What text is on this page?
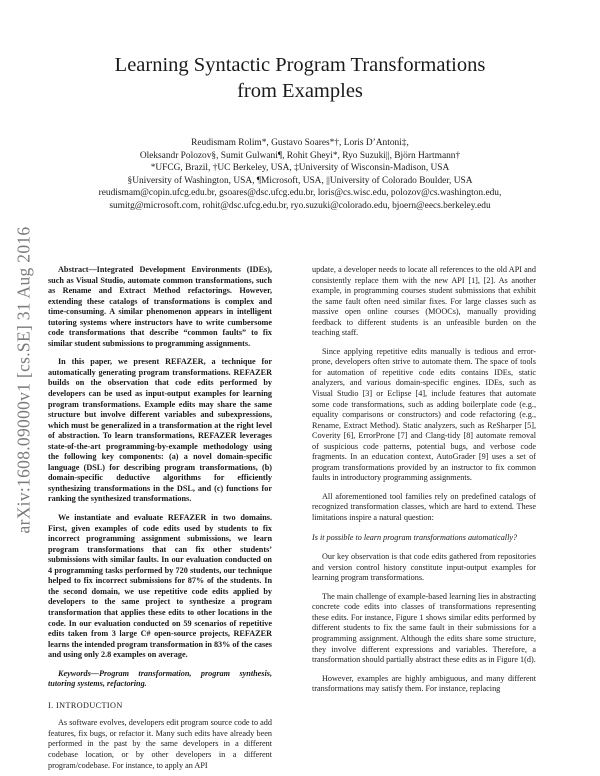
arXiv:1608.09000v1 [cs.SE] 31 Aug 2016
Learning Syntactic Program Transformations
from Examples
Reudismam Rolim*, Gustavo Soares*†, Loris D’Antoni‡,
Oleksandr Polozov§, Sumit Gulwani¶, Rohit Gheyi*, Ryo Suzuki||, Björn Hartmann†
*UFCG, Brazil, †UC Berkeley, USA, ‡University of Wisconsin-Madison, USA
§University of Washington, USA, ¶Microsoft, USA, ||University of Colorado Boulder, USA
reudismam@copin.ufcg.edu.br, gsoares@dsc.ufcg.edu.br, loris@cs.wisc.edu, polozov@cs.washington.edu,
sumitg@microsoft.com, rohit@dsc.ufcg.edu.br, ryo.suzuki@colorado.edu, bjoern@eecs.berkeley.edu

Abstract—Integrated Development Environments (IDEs), such as Visual Studio, automate common transformations, such as Rename and Extract Method refactorings. However, extending these catalogs of transformations is complex and time-consuming. A similar phenomenon appears in intelligent tutoring systems where instructors have to write cumbersome code transformations that describe “common faults” to fix similar student submissions to programming assignments.

In this paper, we present REFAZER, a technique for automatically generating program transformations. REFAZER builds on the observation that code edits performed by developers can be used as input-output examples for learning program transformations. Example edits may share the same structure but involve different variables and subexpressions, which must be generalized in a transformation at the right level of abstraction. To learn transformations, REFAZER leverages state-of-the-art programming-by-example methodology using the following key components: (a) a novel domain-specific language (DSL) for describing program transformations, (b) domain-specific deductive algorithms for efficiently synthesizing transformations in the DSL, and (c) functions for ranking the synthesized transformations.

We instantiate and evaluate REFAZER in two domains. First, given examples of code edits used by students to fix incorrect programming assignment submissions, we learn program transformations that can fix other students’ submissions with similar faults. In our evaluation conducted on 4 programming tasks performed by 720 students, our technique helped to fix incorrect submissions for 87% of the students. In the second domain, we use repetitive code edits applied by developers to the same project to synthesize a program transformation that applies these edits to other locations in the code. In our evaluation conducted on 59 scenarios of repetitive edits taken from 3 large C# open-source projects, REFAZER learns the intended program transformation in 83% of the cases and using only 2.8 examples on average.

Keywords—Program transformation, program synthesis, tutoring systems, refactoring.

I. INTRODUCTION

As software evolves, developers edit program source code to add features, fix bugs, or refactor it. Many such edits have already been performed in the past by the same developers in a different codebase location, or by other developers in a different program/codebase. For instance, to apply an API

update, a developer needs to locate all references to the old API and consistently replace them with the new API [1], [2]. As another example, in programming courses student submissions that exhibit the same fault often need similar fixes. For large classes such as massive open online courses (MOOCs), manually providing feedback to different students is an unfeasible burden on the teaching staff.

Since applying repetitive edits manually is tedious and error-prone, developers often strive to automate them. The space of tools for automation of repetitive code edits contains IDEs, static analyzers, and various domain-specific engines. IDEs, such as Visual Studio [3] or Eclipse [4], include features that automate some code transformations, such as adding boilerplate code (e.g., equality comparisons or constructors) and code refactoring (e.g., Rename, Extract Method). Static analyzers, such as ReSharper [5], Coverity [6], ErrorProne [7] and Clang-tidy [8] automate removal of suspicious code patterns, potential bugs, and verbose code fragments. In an education context, AutoGrader [9] uses a set of program transformations provided by an instructor to fix common faults in introductory programming assignments.

All aforementioned tool families rely on predefined catalogs of recognized transformation classes, which are hard to extend. These limitations inspire a natural question:

Is it possible to learn program transformations automatically?

Our key observation is that code edits gathered from repositories and version control history constitute input-output examples for learning program transformations.

The main challenge of example-based learning lies in abstracting concrete code edits into classes of transformations representing these edits. For instance, Figure 1 shows similar edits performed by different students to fix the same fault in their submissions for a programming assignment. Although the edits share some structure, they involve different expressions and variables. Therefore, a transformation should partially abstract these edits as in Figure 1(d).

However, examples are highly ambiguous, and many different transformations may satisfy them. For instance, replacing
